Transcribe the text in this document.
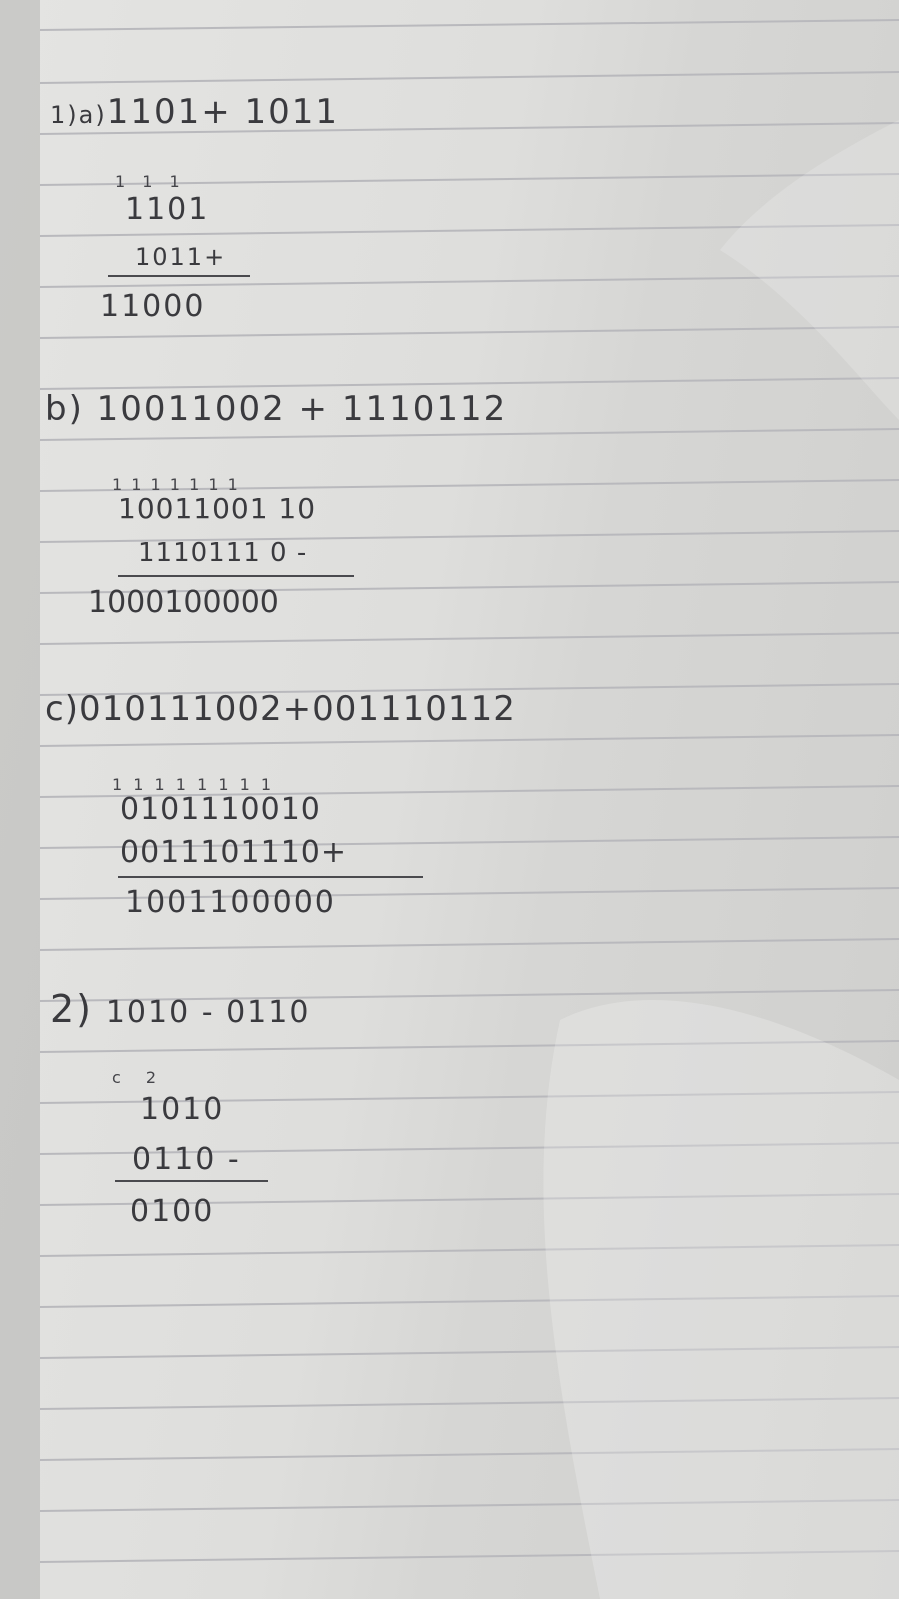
1)a)1101+ 1011
1 1 1
1101
1011+
11000
b) 10011002 + 1110112
1 1 1 1 1 1 1
10011001 10
1110111 0 -
1000100000
c)010111002+001110112
1 1 1 1 1 1 1 1
0101110010
0011101110+
1001100000
2) 1010 - 0110
c 2
1010
0110 -
0100
